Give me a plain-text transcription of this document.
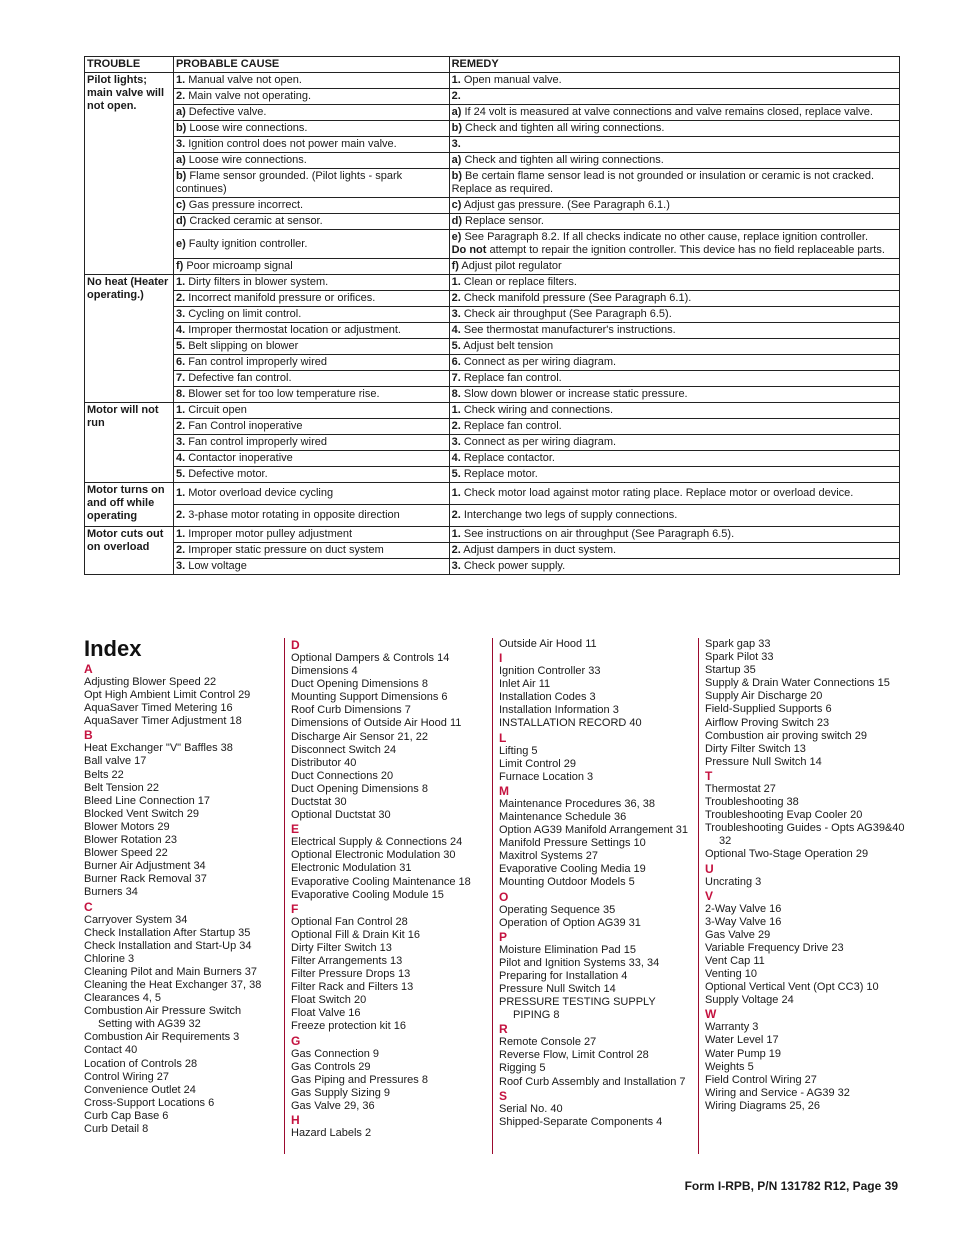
TROUBLE	PROBABLE CAUSE	REMEDY
Pilot lights; main valve will not open.	1. Manual valve not open.	1. Open manual valve.
	2. Main valve not operating.	2.
	a) Defective valve.	a) If 24 volt is measured at valve connections and valve remains closed, replace valve.
	b) Loose wire connections.	b) Check and tighten all wiring connections.
	3. Ignition control does not power main valve.	3.
	a) Loose wire connections.	a) Check and tighten all wiring connections.
	b) Flame sensor grounded. (Pilot lights - spark continues)	b) Be certain flame sensor lead is not grounded or insulation or ceramic is not cracked. Replace as required.
	c) Gas pressure incorrect.	c) Adjust gas pressure. (See Paragraph 6.1.)
	d) Cracked ceramic at sensor.	d) Replace sensor.
	e) Faulty ignition controller.	e) See Paragraph 8.2. If all checks indicate no other cause, replace ignition controller.
Do not attempt to repair the ignition controller. This device has no field replaceable parts.
	f) Poor microamp signal	f) Adjust pilot regulator
No heat (Heater operating.)	1. Dirty filters in blower system.	1. Clean or replace filters.
	2. Incorrect manifold pressure or orifices.	2. Check manifold pressure (See Paragraph 6.1).
	3. Cycling on limit control.	3. Check air throughput (See Paragraph 6.5).
	4. Improper thermostat location or adjustment.	4. See thermostat manufacturer's instructions.
	5. Belt slipping on blower	5. Adjust belt tension
	6. Fan control improperly wired	6. Connect as per wiring diagram.
	7. Defective fan control.	7. Replace fan control.
	8. Blower set for too low temperature rise.	8. Slow down blower or increase static pressure.
Motor will not run	1. Circuit open	1. Check wiring and connections.
	2. Fan Control inoperative	2. Replace fan control.
	3. Fan control improperly wired	3. Connect as per wiring diagram.
	4. Contactor inoperative	4. Replace contactor.
	5. Defective motor.	5. Replace motor.
Motor turns on and off while operating	1. Motor overload device cycling	1. Check motor load against motor rating place. Replace motor or overload device.
	2. 3-phase motor rotating in opposite direction	2. Interchange two legs of supply connections.
Motor cuts out on overload	1. Improper motor pulley adjustment	1. See instructions on air throughput (See Paragraph 6.5).
	2. Improper static pressure on duct system	2. Adjust dampers in duct system.
	3. Low voltage	3. Check power supply.
Index
A
Adjusting Blower Speed 22
Opt High Ambient Limit Control 29
AquaSaver Timed Metering 16
AquaSaver Timer Adjustment 18
B
Heat Exchanger "V" Baffles 38
Ball valve 17
Belts 22
Belt Tension 22
Bleed Line Connection 17
Blocked Vent Switch 29
Blower Motors 29
Blower Rotation 23
Blower Speed 22
Burner Air Adjustment 34
Burner Rack Removal 37
Burners 34
C
Carryover System 34
Check Installation After Startup 35
Check Installation and Start-Up 34
Chlorine 3
Cleaning Pilot and Main Burners 37
Cleaning the Heat Exchanger 37, 38
Clearances 4, 5
Combustion Air Pressure Switch Setting with AG39 32
Combustion Air Requirements 3
Contact 40
Location of Controls 28
Control Wiring 27
Convenience Outlet 24
Cross-Support Locations 6
Curb Cap Base 6
Curb Detail 8
D
Optional Dampers & Controls 14
Dimensions 4
Duct Opening Dimensions 8
Mounting Support Dimensions 6
Roof Curb Dimensions 7
Dimensions of Outside Air Hood 11
Discharge Air Sensor 21, 22
Disconnect Switch 24
Distributor 40
Duct Connections 20
Duct Opening Dimensions 8
Ductstat 30
Optional Ductstat 30
E
Electrical Supply & Connections 24
Optional Electronic Modulation 30
Electronic Modulation 31
Evaporative Cooling Maintenance 18
Evaporative Cooling Module 15
F
Optional Fan Control 28
Optional Fill & Drain Kit 16
Dirty Filter Switch 13
Filter Arrangements 13
Filter Pressure Drops 13
Filter Rack and Filters 13
Float Switch 20
Float Valve 16
Freeze protection kit 16
G
Gas Connection 9
Gas Controls 29
Gas Piping and Pressures 8
Gas Supply Sizing 9
Gas Valve 29, 36
H
Hazard Labels 2
Outside Air Hood 11
I
Ignition Controller 33
Inlet Air 11
Installation Codes 3
Installation Information 3
INSTALLATION RECORD 40
L
Lifting 5
Limit Control 29
Furnace Location 3
M
Maintenance Procedures 36, 38
Maintenance Schedule 36
Option AG39 Manifold Arrangement 31
Manifold Pressure Settings 10
Maxitrol Systems 27
Evaporative Cooling Media 19
Mounting Outdoor Models 5
O
Operating Sequence 35
Operation of Option AG39 31
P
Moisture Elimination Pad 15
Pilot and Ignition Systems 33, 34
Preparing for Installation 4
Pressure Null Switch 14
PRESSURE TESTING SUPPLY PIPING 8
R
Remote Console 27
Reverse Flow, Limit Control 28
Rigging 5
Roof Curb Assembly and Installation 7
S
Serial No. 40
Shipped-Separate Components 4
Spark gap 33
Spark Pilot 33
Startup 35
Supply & Drain Water Connections 15
Supply Air Discharge 20
Field-Supplied Supports 6
Airflow Proving Switch 23
Combustion air proving switch 29
Dirty Filter Switch 13
Pressure Null Switch 14
T
Thermostat 27
Troubleshooting 38
Troubleshooting Evap Cooler 20
Troubleshooting Guides - Opts AG39&40 32
Optional Two-Stage Operation 29
U
Uncrating 3
V
2-Way Valve 16
3-Way Valve 16
Gas Valve 29
Variable Frequency Drive 23
Vent Cap 11
Venting 10
Optional Vertical Vent (Opt CC3) 10
Supply Voltage 24
W
Warranty 3
Water Level 17
Water Pump 19
Weights 5
Field Control Wiring 27
Wiring and Service - AG39 32
Wiring Diagrams 25, 26
Form I-RPB, P/N 131782 R12, Page 39
